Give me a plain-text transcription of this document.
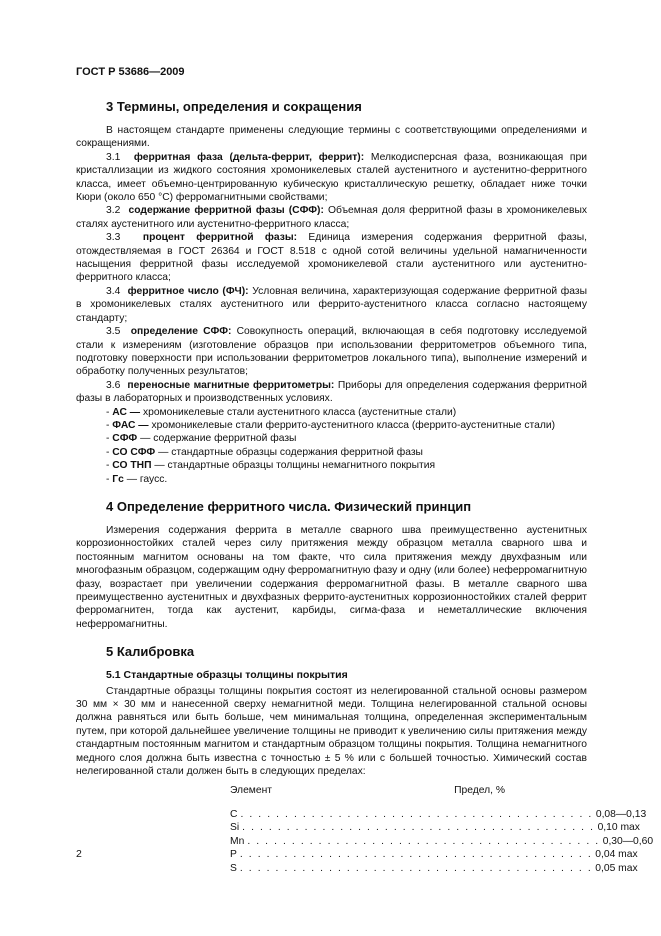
ГОСТ Р 53686—2009
3 Термины, определения и сокращения

В настоящем стандарте применены следующие термины с соответствующими определениями и сокращениями.

3.1 ферритная фаза (дельта-феррит, феррит): Мелкодисперсная фаза, возникающая при кристаллизации из жидкого состояния хромоникелевых сталей аустенитного и аустенитно-ферритного класса, имеет объемно-центрированную кубическую кристаллическую решетку, обладает ниже точки Кюри (около 650 °C) ферромагнитными свойствами;

3.2 содержание ферритной фазы (СФФ): Объемная доля ферритной фазы в хромоникелевых сталях аустенитного или аустенитно-ферритного класса;

3.3 процент ферритной фазы: Единица измерения содержания ферритной фазы, отождествляемая в ГОСТ 26364 и ГОСТ 8.518 с одной сотой величины удельной намагниченности насыщения ферритной фазы исследуемой хромоникелевой стали аустенитного или аустенитно-ферритного класса;

3.4 ферритное число (ФЧ): Условная величина, характеризующая содержание ферритной фазы в хромоникелевых сталях аустенитного или феррито-аустенитного класса согласно настоящему стандарту;

3.5 определение СФФ: Совокупность операций, включающая в себя подготовку исследуемой стали к измерениям (изготовление образцов при использовании ферритометров объемного типа, подготовку поверхности при использовании ферритометров локального типа), выполнение измерений и обработку полученных результатов;

3.6 переносные магнитные ферритометры: Приборы для определения содержания ферритной фазы в лабораторных и производственных условиях.

- АС — хромоникелевые стали аустенитного класса (аустенитные стали)
- ФАС — хромоникелевые стали феррито-аустенитного класса (феррито-аустенитные стали)
- СФФ — содержание ферритной фазы
- СО СФФ — стандартные образцы содержания ферритной фазы
- СО ТНП — стандартные образцы толщины немагнитного покрытия
- Гс — гаусс.
4 Определение ферритного числа. Физический принцип

Измерения содержания феррита в металле сварного шва преимущественно аустенитных коррозионностойких сталей через силу притяжения между образцом металла сварного шва и постоянным магнитом основаны на том факте, что сила притяжения между двухфазным или многофазным образцом, содержащим одну ферромагнитную фазу и одну (или более) неферромагнитную фазу, возрастает при увеличении содержания ферромагнитной фазы. В металле сварного шва преимущественно аустенитных и двухфазных феррито-аустенитных коррозионностойких сталей феррит ферромагнитен, тогда как аустенит, карбиды, сигма-фаза и неметаллические включения неферромагнитны.

5 Калибровка
5.1 Стандартные образцы толщины покрытия

Стандартные образцы толщины покрытия состоят из нелегированной стальной основы размером 30 мм × 30 мм и нанесенной сверху немагнитной меди. Толщина нелегированной стальной основы должна равняться или быть больше, чем минимальная толщина, определенная экспериментальным путем, при которой дальнейшее увеличение толщины не приводит к увеличению силы притяжения между стандартным постоянным магнитом и стандартным образцом толщины покрытия. Толщина немагнитного медного слоя должна быть известна с точностью ± 5 % или с большей точностью. Химический состав нелегированной стали должен быть в следующих пределах:

Элемент	Предел, %
C . . . . . . . . . . . . . . . . . . . . . . . . . . . . . . . . . . . . . . . . 0,08—0,13
Si . . . . . . . . . . . . . . . . . . . . . . . . . . . . . . . . . . . . . . . . 0,10 max
Mn . . . . . . . . . . . . . . . . . . . . . . . . . . . . . . . . . . . . . . . . 0,30—0,60
P . . . . . . . . . . . . . . . . . . . . . . . . . . . . . . . . . . . . . . . . 0,04 max
S . . . . . . . . . . . . . . . . . . . . . . . . . . . . . . . . . . . . . . . . 0,05 max
2
